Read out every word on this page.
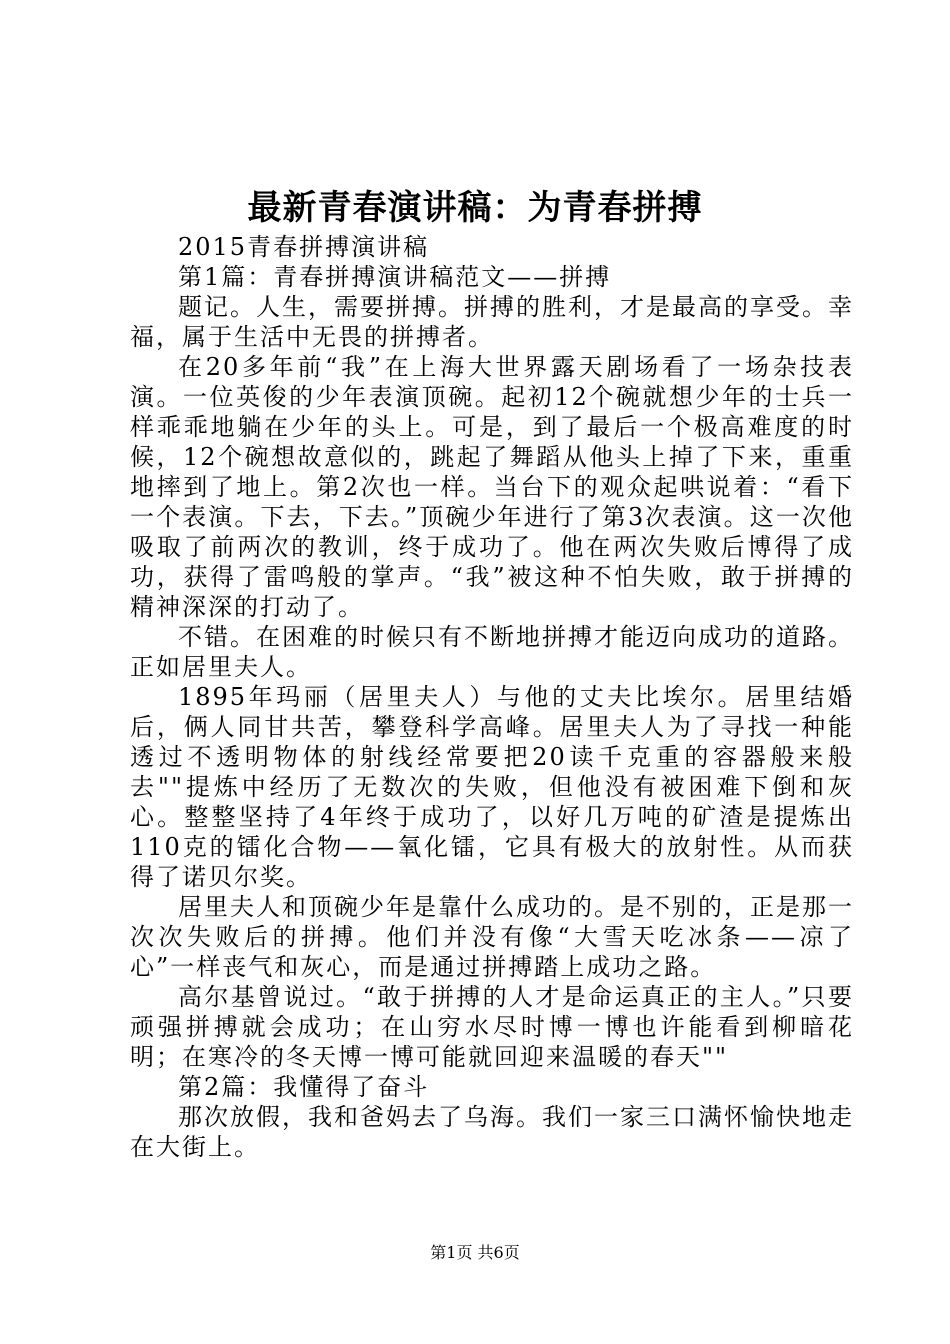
最新青春演讲稿：为青春拼搏

2015青春拼搏演讲稿

第1篇：青春拼搏演讲稿范文——拼搏

题记。人生，需要拼搏。拼搏的胜利，才是最高的享受。幸福，属于生活中无畏的拼搏者。

在20多年前“我”在上海大世界露天剧场看了一场杂技表演。一位英俊的少年表演顶碗。起初12个碗就想少年的士兵一样乖乖地躺在少年的头上。可是，到了最后一个极高难度的时候，12个碗想故意似的，跳起了舞蹈从他头上掉了下来，重重地摔到了地上。第2次也一样。当台下的观众起哄说着：“看下一个表演。下去，下去。”顶碗少年进行了第3次表演。这一次他吸取了前两次的教训，终于成功了。他在两次失败后博得了成功，获得了雷鸣般的掌声。“我”被这种不怕失败，敢于拼搏的精神深深的打动了。

不错。在困难的时候只有不断地拼搏才能迈向成功的道路。正如居里夫人。

1895年玛丽（居里夫人）与他的丈夫比埃尔。居里结婚后，俩人同甘共苦，攀登科学高峰。居里夫人为了寻找一种能透过不透明物体的射线经常要把20读千克重的容器般来般去""提炼中经历了无数次的失败，但他没有被困难下倒和灰心。整整坚持了4年终于成功了，以好几万吨的矿渣是提炼出110克的镭化合物——氧化镭，它具有极大的放射性。从而获得了诺贝尔奖。

居里夫人和顶碗少年是靠什么成功的。是不别的，正是那一次次失败后的拼搏。他们并没有像“大雪天吃冰条——凉了心”一样丧气和灰心，而是通过拼搏踏上成功之路。

高尔基曾说过。“敢于拼搏的人才是命运真正的主人。”只要顽强拼搏就会成功；在山穷水尽时博一博也许能看到柳暗花明；在寒冷的冬天博一博可能就回迎来温暖的春天""

第2篇：我懂得了奋斗

那次放假，我和爸妈去了乌海。我们一家三口满怀愉快地走在大街上。

第1页 共6页
